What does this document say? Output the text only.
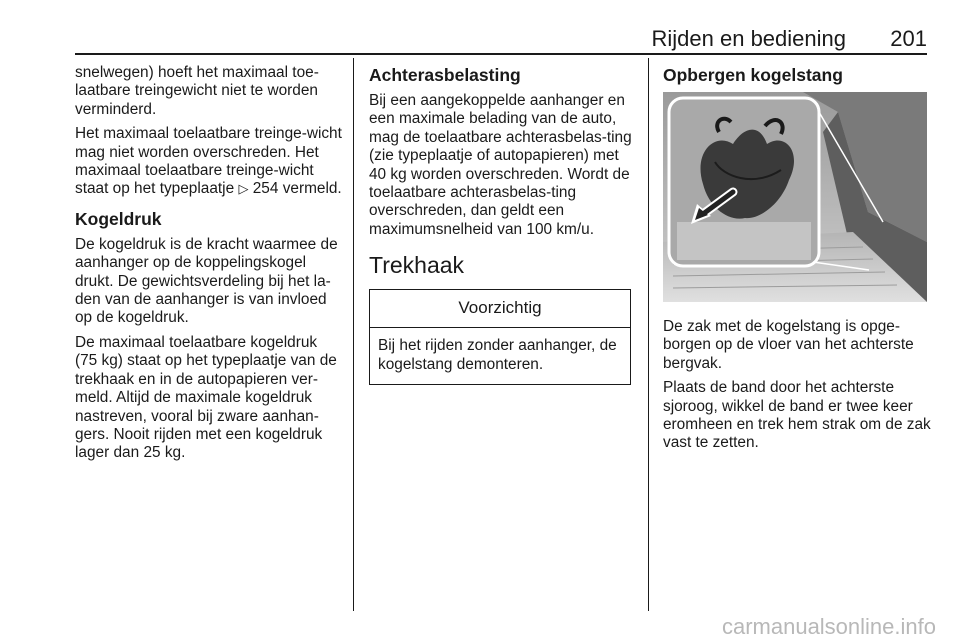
Rijden en bediening	201

snelwegen) hoeft het maximaal toe-laatbare treingewicht niet te worden verminderd.

Het maximaal toelaatbare treinge-wicht mag niet worden overschreden. Het maximaal toelaatbare treinge-wicht staat op het typeplaatje ▷ 254 vermeld.

Kogeldruk

De kogeldruk is de kracht waarmee de aanhanger op de koppelingskogel drukt. De gewichtsverdeling bij het la-den van de aanhanger is van invloed op de kogeldruk.

De maximaal toelaatbare kogeldruk (75 kg) staat op het typeplaatje van de trekhaak en in de autopapieren ver-meld. Altijd de maximale kogeldruk nastreven, vooral bij zware aanhan-gers. Nooit rijden met een kogeldruk lager dan 25 kg.

Achterasbelasting

Bij een aangekoppelde aanhanger en een maximale belading van de auto, mag de toelaatbare achterasbelas-ting (zie typeplaatje of autopapieren) met 40 kg worden overschreden. Wordt de toelaatbare achterasbelas-ting overschreden, dan geldt een maximumsnelheid van 100 km/u.

Trekhaak
Voorzichtig
Bij het rijden zonder aanhanger, de kogelstang demonteren.
Opbergen kogelstang

De zak met de kogelstang is opge-borgen op de vloer van het achterste bergvak.

Plaats de band door het achterste sjoroog, wikkel de band er twee keer eromheen en trek hem strak om de zak vast te zetten.

carmanualsonline.info
